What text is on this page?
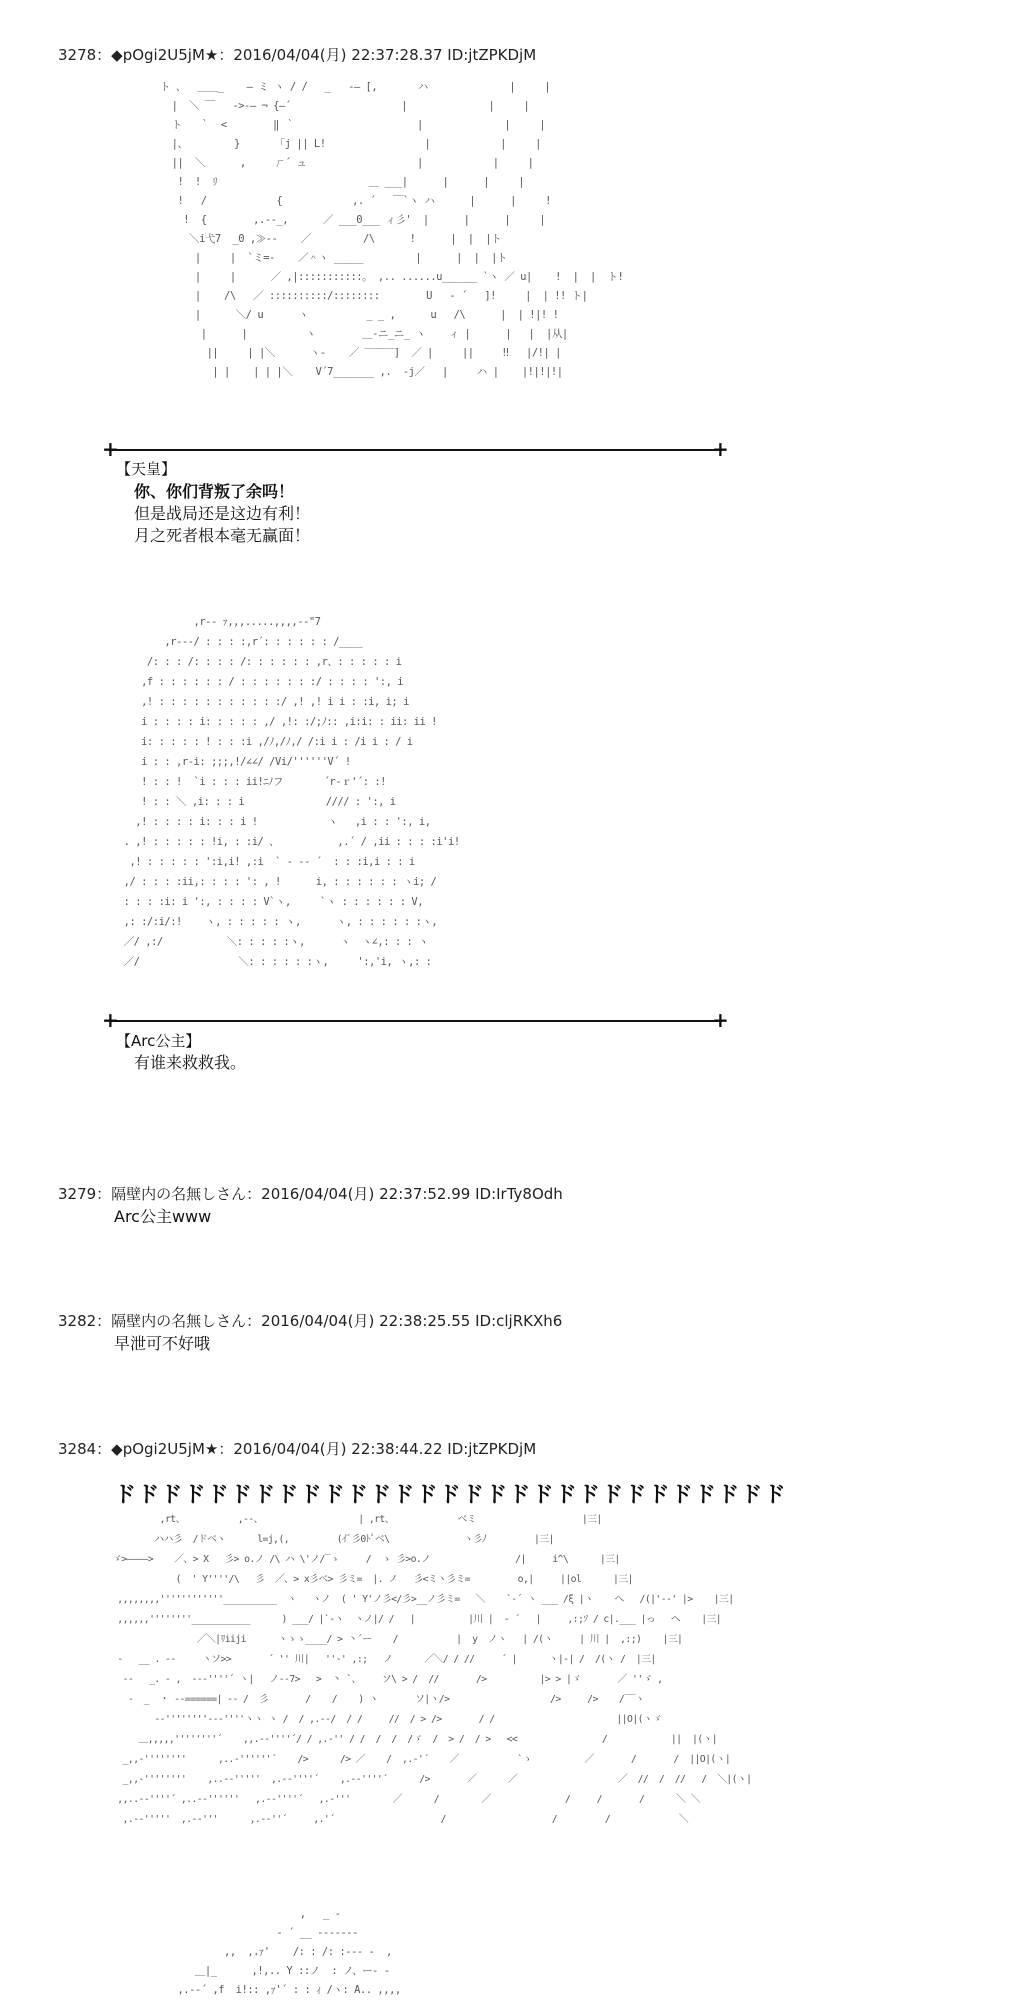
3278：◆pOgi2U5jM★：2016/04/04(月) 22:37:28.37 ID:jtZPKDjM
ト 、  ＿＿_    ― ミ ヽ / /   _   -― [,       ハ              |     |
|  ＼ ￣   ->-― ¬ {―´                   |              |     |
ト   ｀  <        ‖ ｀                     |              |     |
|、        }      「j || L!                 |            |     |
||  ＼      ,     ㄏ´ ュ                   |            |     |
!  !  ﾘ                          ＿ ___|      |      |     |
!   /            {            ,. ´   ￣`ヽ ハ      |      |     !
!  {        ,.-‐_,      ／ ___0___ ィ彡'  |      |      |     |
＼i弋7  _0 ,≫‐-    ／         /\      !      |  |  |ト
|     |  `ミ=-    ／＾ヽ _____         |      |  |  |ト
|     |      ／ ,|:::::::::::。 ,.. ......u______ `ヽ ／ u|    !  |  |  ト!
|    /\   ／ ::::::::::/::::::::        U   ‐ ´   ]!     |  | !! ト|
|      ＼/ u      ヽ          _ _ ,      u   /\      |  | !|! !
|      |          ヽ        ＿-ニ_ニ_ ヽ    ィ |      |   |  |从|
||     | |＼      ヽ-    ／ ‾‾‾‾‾]  ／ |     ||     ‼   |/!| |
| |    | | |＼    V´7_______ ,.  -j／   |     ハ |    |!|!|!|
+	+
【天皇】
你、你们背叛了余吗！
但是战局还是这边有利！
月之死者根本毫无赢面！
,r‐‐ ｧ,,,.....,,,,‐‐"7
,r‐‐‐/ : : : :,r´: : : : : : /____
/: : : /: : : : /: : : : : : ,r、: : : : : i
,f : : : : : : / : : : : : : :/ : : : : ':, i
,! : : : : : : : : : : :/ ,! ,! i i : :i, i; i
i : : : : i: : : : : ,/ ,!: :/;ﾉ:: ,i:i: : ii: ii !
i: : : : : ! : : :i ,/ﾉ,/ﾉ,/ /:i i : /i i : / i
i : : ,r‐i: ;;;,!/∠∠/ /Vi/''''''V´ !
! : : !  `i : : : ii!ﾆﾉフ       ´r‐ｒ'´: :!
! : : ＼ ,i: : : i              //// : ':, i
,! : : : : i: : : i !            ヽ   ,i : : ':, i,
. ,! : : : : : !i, : :i/ 、          ,.´ / ,ii : : : :i'i!
,! : : : : : ':i,i! ,:i  ` ‐ -- ´  : : :i,i : : i
,/ : : : :ii,: : : : ': , !      i, : : : : : : ヽi; /
: : : :i: i ':, : : : : V`ヽ,     `ヽ : : : : : : V,
,: :/:i/:!    ヽ, : : : : : ヽ,      ヽ, : : : : : :ヽ,
／/ ,:/           ＼: : : : :ヽ,      ヽ  ヽ∠,: : : ヽ
／/                 ＼: : : : : :ヽ,     ':,'i, ヽ,: :
+	+
【Arc公主】
有谁来救救我。
3279：隔壁内の名無しさん：2016/04/04(月) 22:37:52.99 ID:IrTy8Odh
Arc公主www
3282：隔壁内の名無しさん：2016/04/04(月) 22:38:25.55 ID:cljRKXh6
早泄可不好哦
3284：◆pOgi2U5jM★：2016/04/04(月) 22:38:44.22 ID:jtZPKDjM
ドドドドドドドドドドドドドドドドドドドドドドドドドドドドド
,rt、          ,‐-、                  | ,rt、            ベミ                    |三|
ハハ彡  /ドベヽ      l=j,(,         (ｲﾞ彡0ﾄﾟベ\              ヽ彡ﾉ         |三|
ゞ>――――>    ／、> X   彡> o.ノ /\ ハ \'ノ/‾ゝ     /  ゝ 彡>o.ノ                /|     i^\      |三|
(  ' Y''''/\   彡  ／、> x彡ベ> 彡ミ=  |. ノ   彡<ミヽ彡ミ=         o,|     ||ol      |三|
,,,,,,,,''''''''''''__________  ヽ   ヽノ  ( ' Y'ノ彡</彡>__ノ彡ミ=   ＼    `‐´ ヽ ___ /ξ |ヽ    へ   /(|'--' |>    |三|
,,,,,,''''''''___________      ) ___/ |`‐ヽ  ヽノ|/ /   |          |川 |  ‐ ´   |     ,:;ｿ / c|.___ |っ   へ    |三|
／＼|ﾘiiji      ヽゝゝ____/ > 丶´ー    /           |  y  ノヽ   | /(ヽ     | 川 |  ,:;)    |三|
‐   __ . -‐     ヽソ>>       ´ '' 川|   ''-' ,:;   ノ      ／＼/ / //     ´ |      ヽ|‐| /  /(ヽ /  |三|
-‐   _. ‐ ,  ‐-‐''''´ ヽ|   ノ-‐7>   >  丶 `、    ソ\ > /  //       />          |> > |ゞ       ／ ''ゞ ,
‐  _  ・ -‐======| ‐‐ /  彡       /    /    ) ヽ       ソ|ヽ/>                   />     />    /‾‾ヽ
‐‐''''''''‐-‐''''ヽヽ ヽ /  / ,.‐‐/  / /     //  / > />       / /                       ||O|(ヽゞ
＿,,,,,''''''''´    ,,.-‐''''´/ / ,.‐'' / /  /  /  /ゞ  /  > /  / >   <<                /            ||  |(ヽ|
_,,-''''''''      ,..-''''''´    />      /> ／    /  ,.-'´    ／           `ゝ          ／       /       /  ||O|(ヽ|
_,,-''''''''    ,..-‐'''''  ,.‐‐''''´    ,.-‐''''´      />       ／      ／                   ／  //  /  //   /  ＼|(ヽ|
,,..-‐''''´ ,..-‐''''''   ,.-‐''''´   ,.‐'''        ／      /        ／              /     /       /      ＼ ＼
,.-‐'''''  ,.-‐'''      ,.-‐''´     ,.'´                    /                    /         /             ＼
,   _ -
- ´ __ -‐----‐
,,  ,.ｧ'    /: : /: :--‐ -  ,
＿|_      ,!,.. Y ::ノ  : ノ、ー- ‐
,.-‐´ ,f  i!:: ,ｧ'´ : : ｨ /ヽ: A.. ,,,,
